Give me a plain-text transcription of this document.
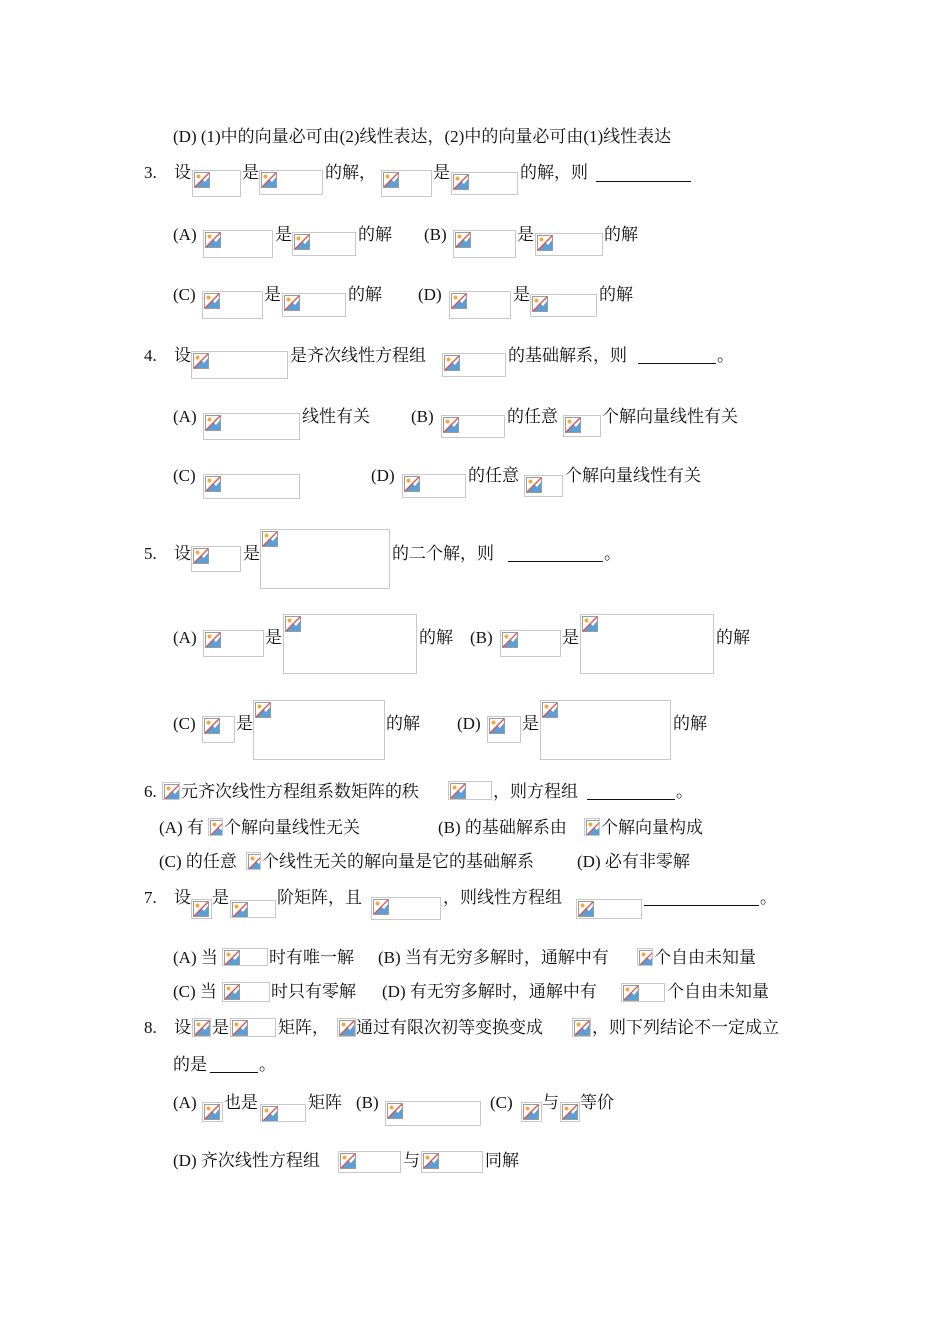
(D) (1)中的向量必可由(2)线性表达，(2)中的向量必可由(1)线性表达
3. 设	是	的解，	是	的解，则
(A)	是	的解 (B)	是	的解
(C)	是	的解 (D)	是	的解
4. 设	是齐次线性方程组	的基础解系，则	。
(A)	线性有关 (B)	的任意	个解向量线性有关
(C)	(D)	的任意	个解向量线性有关
5. 设	是	的二个解，则	。
(A)	是	的解 (B)	是	的解
(C) 是	的解 (D) 是	的解
6. 元齐次线性方程组系数矩阵的秩	，则方程组	。
(A) 有 个解向量线性无关	(B) 的基础解系由 个解向量构成
(C) 的任意 个线性无关的解向量是它的基础解系	(D) 必有非零解
7. 设 是	阶矩阵，且	，则线性方程组	。
(A) 当	时有唯一解 (B) 当有无穷多解时，通解中有	个自由未知量
(C) 当	时只有零解 (D) 有无穷多解时，通解中有	个自由未知量
8. 设 是	矩阵， 通过有限次初等变换变成	，则下列结论不一定成立
的是	。
(A) 也是	矩阵 (B)	(C) 与 等价
(D) 齐次线性方程组	与	同解
